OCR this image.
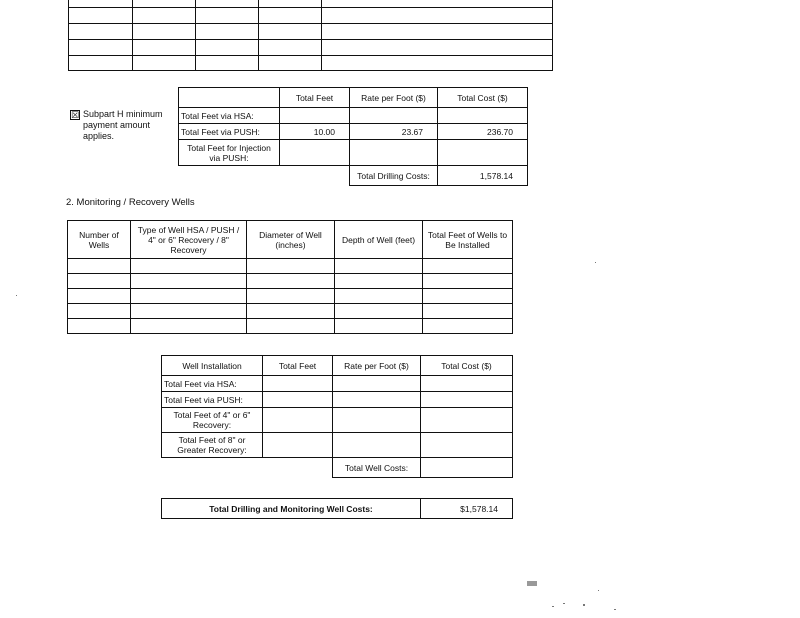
☒ Subpart H minimum payment amount applies.
	Total Feet	Rate per Foot ($)	Total Cost ($)
Total Feet via HSA:			
Total Feet via PUSH:	10.00	23.67	236.70
Total Feet for Injection via PUSH:			
		Total Drilling Costs:	1,578.14
2. Monitoring / Recovery Wells
Number of Wells	Type of Well HSA / PUSH / 4" or 6" Recovery / 8" Recovery	Diameter of Well (inches)	Depth of Well (feet)	Total Feet of Wells to Be Installed

Well Installation	Total Feet	Rate per Foot ($)	Total Cost ($)
Total Feet via HSA:			
Total Feet via PUSH:			
Total Feet of 4" or 6" Recovery:			
Total Feet of 8" or Greater Recovery:			
		Total Well Costs:	
Total Drilling and Monitoring Well Costs:	$1,578.14
